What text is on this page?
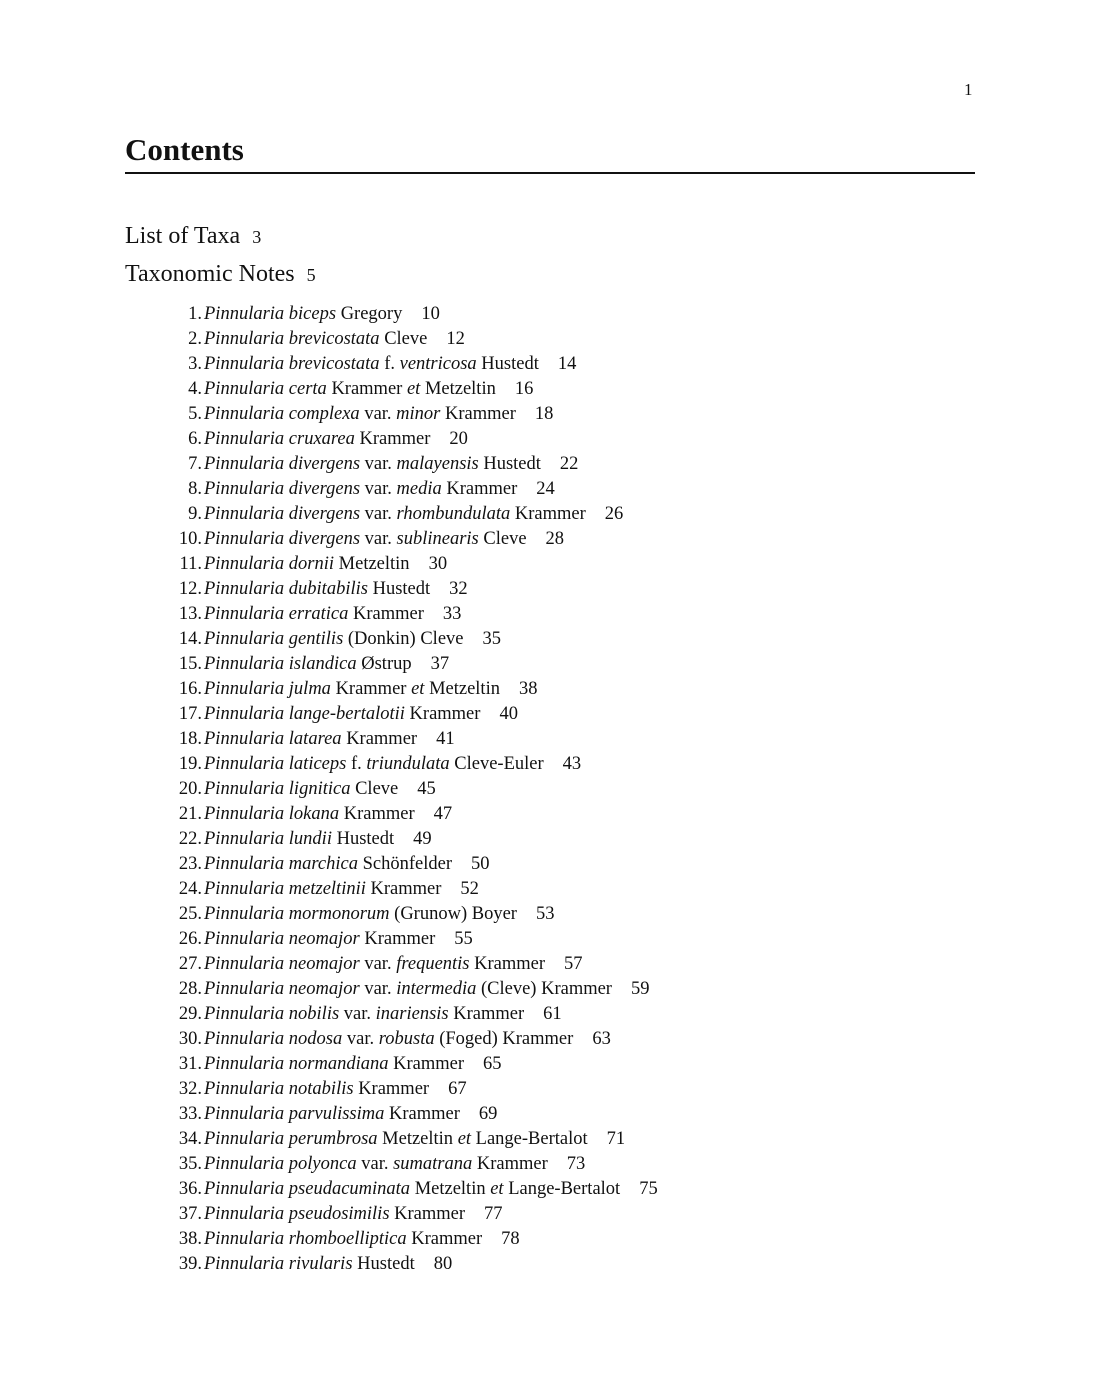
1
Contents
List of Taxa 3
Taxonomic Notes 5
1. Pinnularia biceps Gregory 10
2. Pinnularia brevicostata Cleve 12
3. Pinnularia brevicostata f. ventricosa Hustedt 14
4. Pinnularia certa Krammer et Metzeltin 16
5. Pinnularia complexa var. minor Krammer 18
6. Pinnularia cruxarea Krammer 20
7. Pinnularia divergens var. malayensis Hustedt 22
8. Pinnularia divergens var. media Krammer 24
9. Pinnularia divergens var. rhombundulata Krammer 26
10. Pinnularia divergens var. sublinearis Cleve 28
11. Pinnularia dornii Metzeltin 30
12. Pinnularia dubitabilis Hustedt 32
13. Pinnularia erratica Krammer 33
14. Pinnularia gentilis (Donkin) Cleve 35
15. Pinnularia islandica Østrup 37
16. Pinnularia julma Krammer et Metzeltin 38
17. Pinnularia lange-bertalotii Krammer 40
18. Pinnularia latarea Krammer 41
19. Pinnularia laticeps f. triundulata Cleve-Euler 43
20. Pinnularia lignitica Cleve 45
21. Pinnularia lokana Krammer 47
22. Pinnularia lundii Hustedt 49
23. Pinnularia marchica Schönfelder 50
24. Pinnularia metzeltinii Krammer 52
25. Pinnularia mormonorum (Grunow) Boyer 53
26. Pinnularia neomajor Krammer 55
27. Pinnularia neomajor var. frequentis Krammer 57
28. Pinnularia neomajor var. intermedia (Cleve) Krammer 59
29. Pinnularia nobilis var. inariensis Krammer 61
30. Pinnularia nodosa var. robusta (Foged) Krammer 63
31. Pinnularia normandiana Krammer 65
32. Pinnularia notabilis Krammer 67
33. Pinnularia parvulissima Krammer 69
34. Pinnularia perumbrosa Metzeltin et Lange-Bertalot 71
35. Pinnularia polyonca var. sumatrana Krammer 73
36. Pinnularia pseudacuminata Metzeltin et Lange-Bertalot 75
37. Pinnularia pseudosimilis Krammer 77
38. Pinnularia rhomboelliptica Krammer 78
39. Pinnularia rivularis Hustedt 80
